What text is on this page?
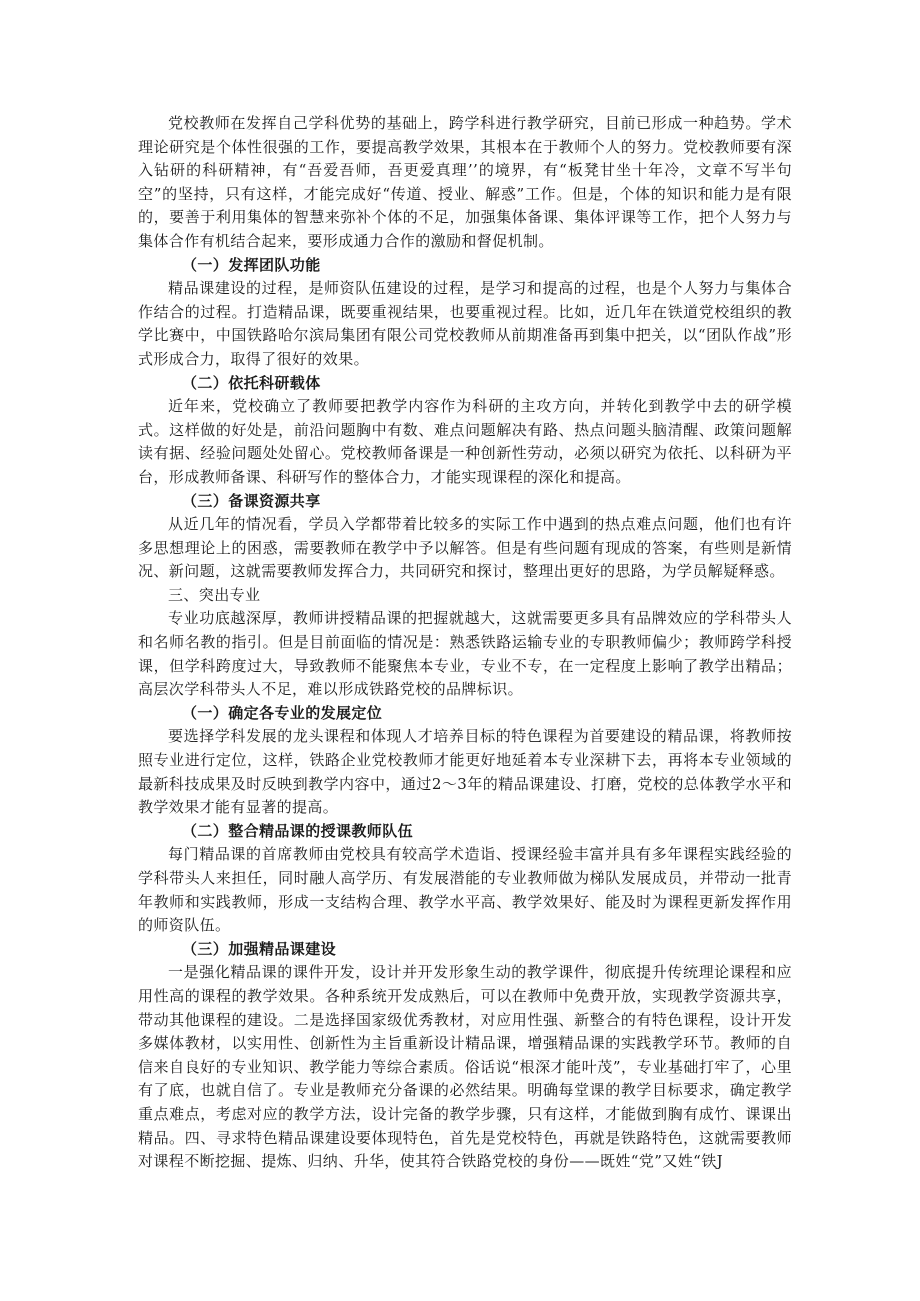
党校教师在发挥自己学科优势的基础上，跨学科进行教学研究，目前已形成一种趋势。学术理论研究是个体性很强的工作，要提高教学效果，其根本在于教师个人的努力。党校教师要有深入钻研的科研精神，有“吾爱吾师，吾更爱真理’’的境界，有“板凳甘坐十年冷，文章不写半句空”的坚持，只有这样，才能完成好“传道、授业、解惑”工作。但是，个体的知识和能力是有限的，要善于利用集体的智慧来弥补个体的不足，加强集体备课、集体评课等工作，把个人努力与集体合作有机结合起来，要形成通力合作的激励和督促机制。

（一）发挥团队功能

精品课建设的过程，是师资队伍建设的过程，是学习和提高的过程，也是个人努力与集体合作结合的过程。打造精品课，既要重视结果，也要重视过程。比如，近几年在铁道党校组织的教学比赛中，中国铁路哈尔滨局集团有限公司党校教师从前期准备再到集中把关，以“团队作战”形式形成合力，取得了很好的效果。

（二）依托科研载体

近年来，党校确立了教师要把教学内容作为科研的主攻方向，并转化到教学中去的研学模式。这样做的好处是，前沿问题胸中有数、难点问题解决有路、热点问题头脑清醒、政策问题解读有据、经验问题处处留心。党校教师备课是一种创新性劳动，必须以研究为依托、以科研为平台，形成教师备课、科研写作的整体合力，才能实现课程的深化和提高。

（三）备课资源共享

从近几年的情况看，学员入学都带着比较多的实际工作中遇到的热点难点问题，他们也有许多思想理论上的困惑，需要教师在教学中予以解答。但是有些问题有现成的答案，有些则是新情况、新问题，这就需要教师发挥合力，共同研究和探讨，整理出更好的思路，为学员解疑释惑。

三、突出专业

专业功底越深厚，教师讲授精品课的把握就越大，这就需要更多具有品牌效应的学科带头人和名师名教的指引。但是目前面临的情况是：熟悉铁路运输专业的专职教师偏少；教师跨学科授课，但学科跨度过大，导致教师不能聚焦本专业，专业不专，在一定程度上影响了教学出精品；高层次学科带头人不足，难以形成铁路党校的品牌标识。

（一）确定各专业的发展定位

要选择学科发展的龙头课程和体现人才培养目标的特色课程为首要建设的精品课，将教师按照专业进行定位，这样，铁路企业党校教师才能更好地延着本专业深耕下去，再将本专业领域的最新科技成果及时反映到教学内容中，通过2～3年的精品课建设、打磨，党校的总体教学水平和教学效果才能有显著的提高。

（二）整合精品课的授课教师队伍

每门精品课的首席教师由党校具有较高学术造诣、授课经验丰富并具有多年课程实践经验的学科带头人来担任，同时融人高学历、有发展潜能的专业教师做为梯队发展成员，并带动一批青年教师和实践教师，形成一支结构合理、教学水平高、教学效果好、能及时为课程更新发挥作用的师资队伍。

（三）加强精品课建设

一是强化精品课的课件开发，设计并开发形象生动的教学课件，彻底提升传统理论课程和应用性高的课程的教学效果。各种系统开发成熟后，可以在教师中免费开放，实现教学资源共享，带动其他课程的建设。二是选择国家级优秀教材，对应用性强、新整合的有特色课程，设计开发多媒体教材，以实用性、创新性为主旨重新设计精品课，增强精品课的实践教学环节。教师的自信来自良好的专业知识、教学能力等综合素质。俗话说“根深才能叶茂”，专业基础打牢了，心里有了底，也就自信了。专业是教师充分备课的必然结果。明确每堂课的教学目标要求，确定教学重点难点，考虑对应的教学方法，设计完备的教学步骤，只有这样，才能做到胸有成竹、课课出精品。四、寻求特色精品课建设要体现特色，首先是党校特色，再就是铁路特色，这就需要教师对课程不断挖掘、提炼、归纳、升华，使其符合铁路党校的身份——既姓“党”又姓“铁J
